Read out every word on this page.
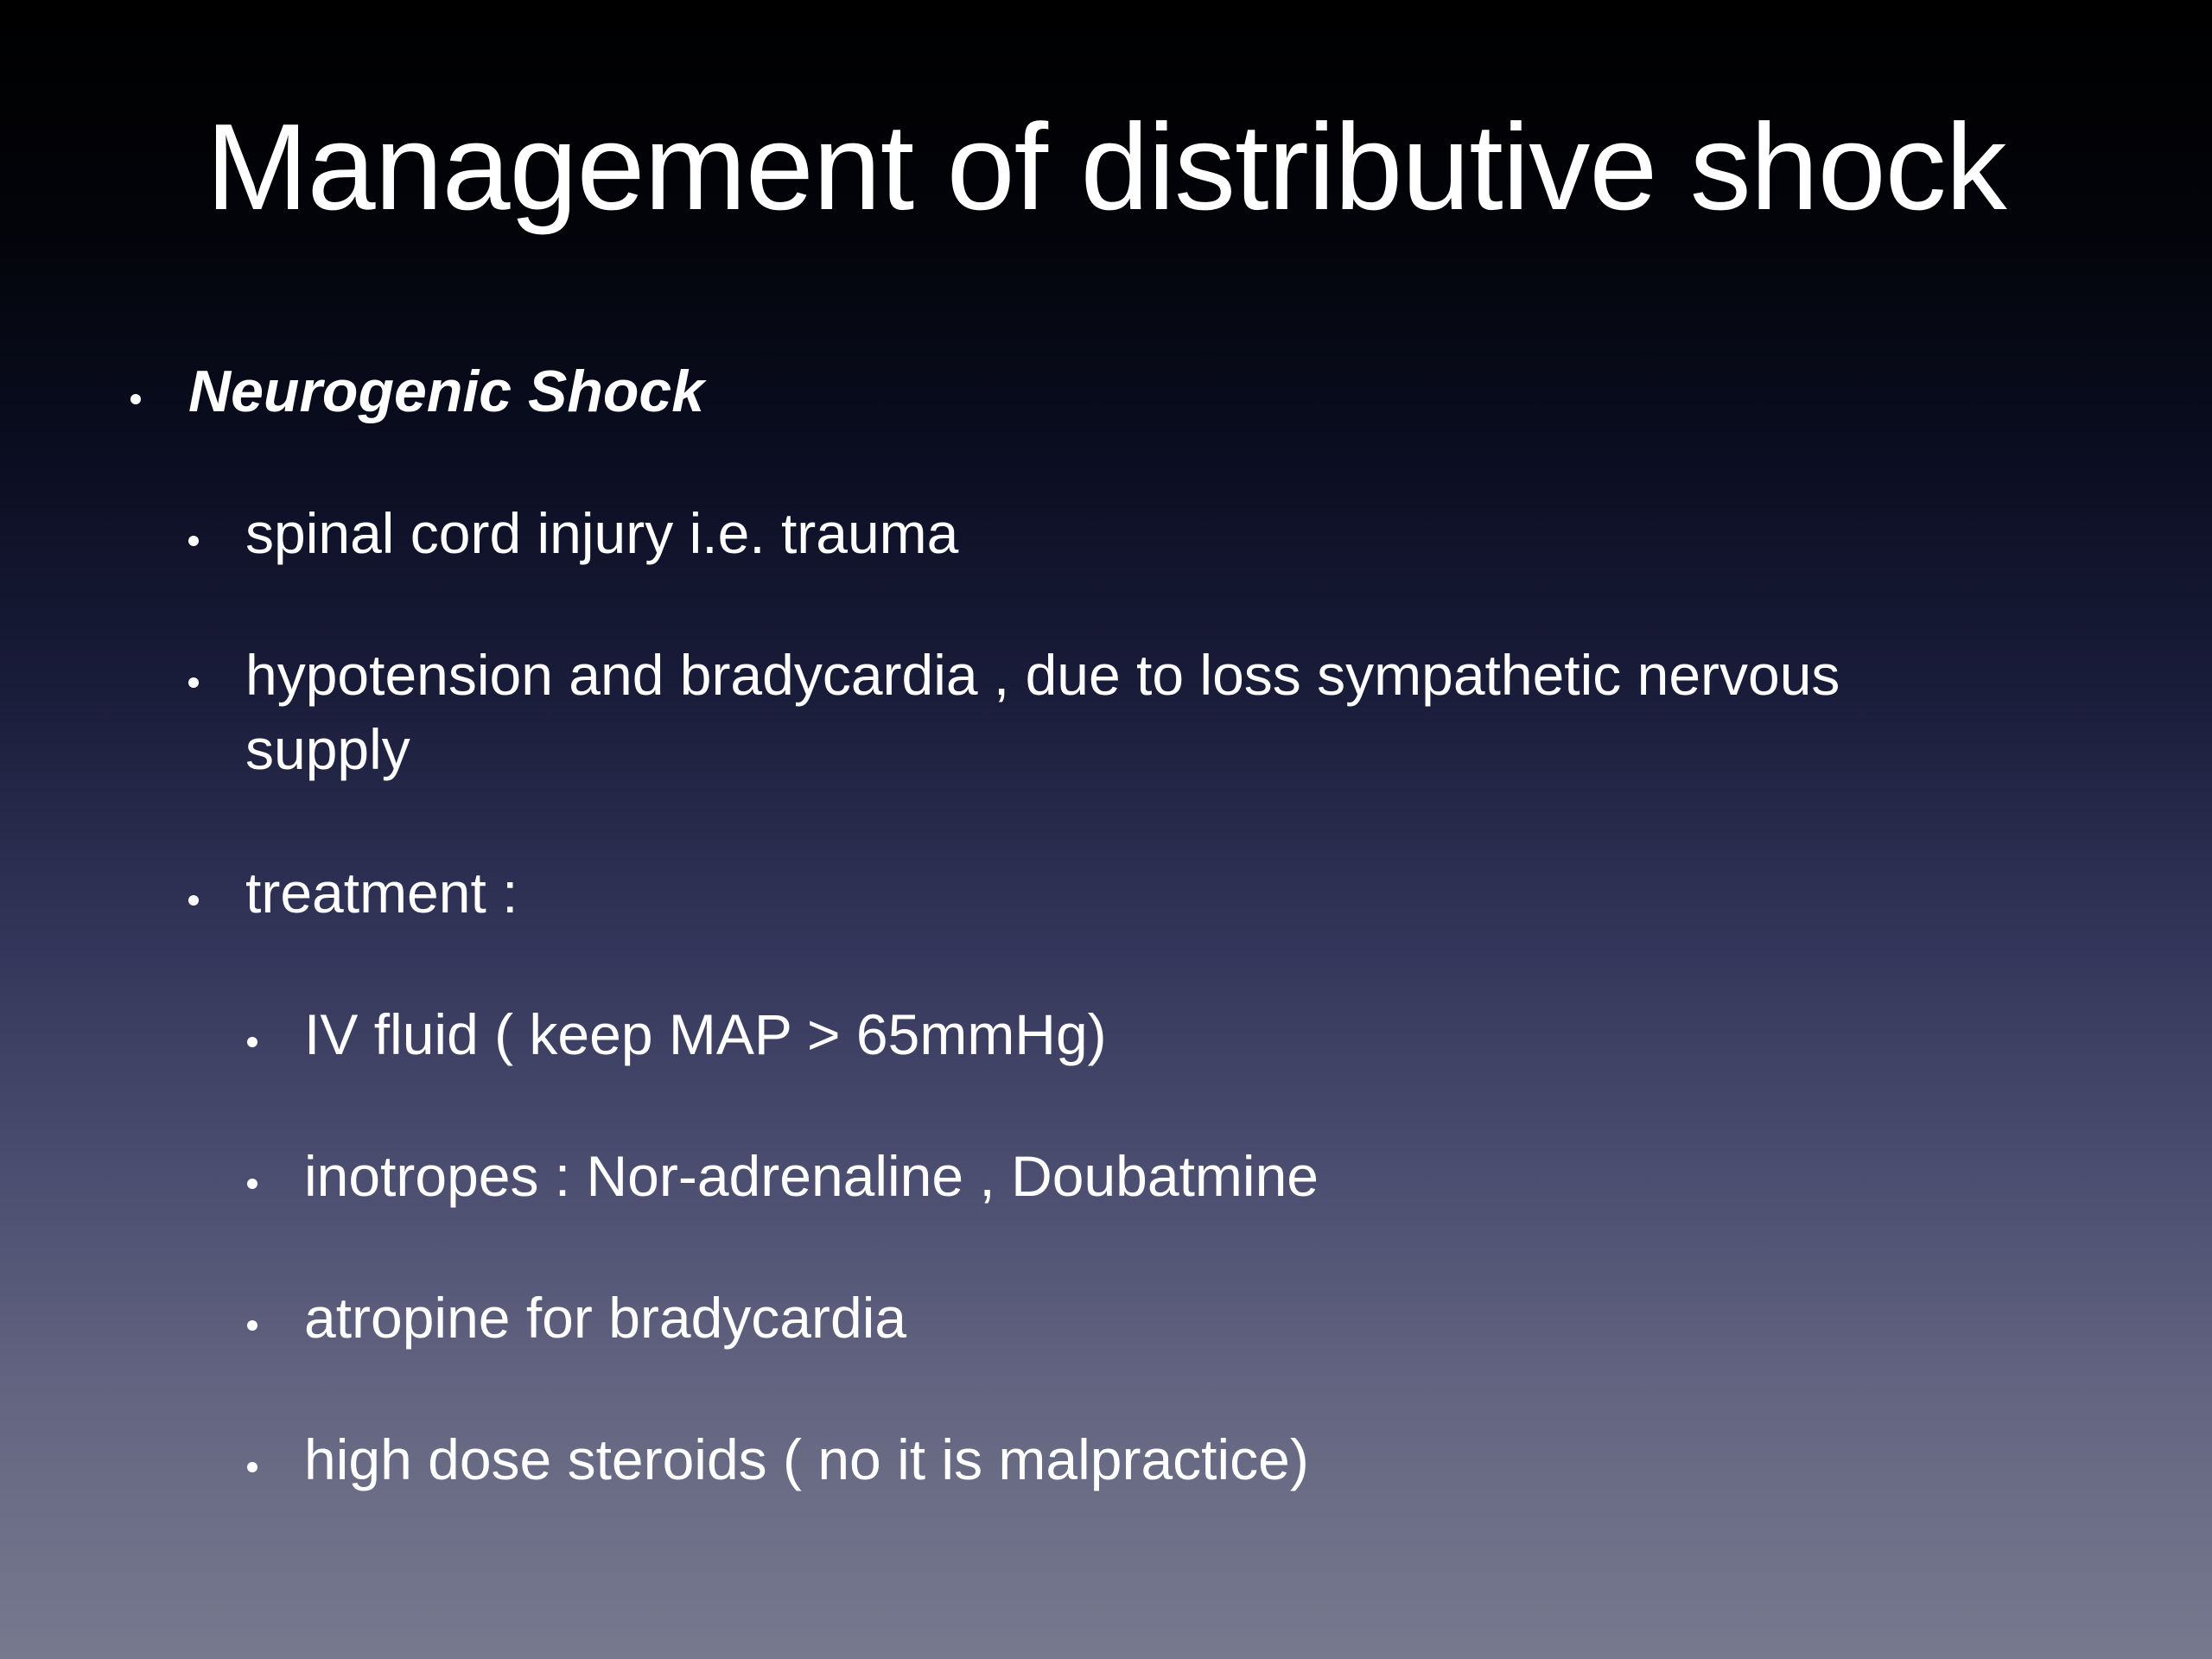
Management of distributive shock
Neurogenic Shock
spinal cord injury i.e. trauma
hypotension and bradycardia , due to loss sympathetic nervous supply
treatment :
IV fluid ( keep MAP > 65mmHg)
inotropes : Nor-adrenaline , Doubatmine
atropine for bradycardia
high dose steroids ( no it is malpractice)
